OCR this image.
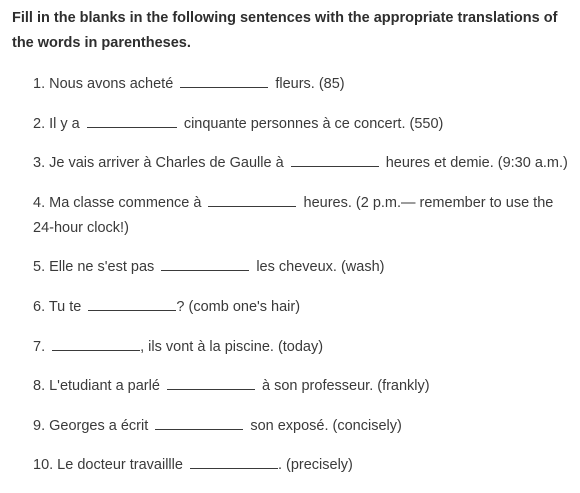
Fill in the blanks in the following sentences with the appropriate translations of the words in parentheses.

1. Nous avons acheté	fleurs. (85)
2. Il y a	cinquante personnes à ce concert. (550)
3. Je vais arriver à Charles de Gaulle à	heures et demie. (9:30 a.m.)
4. Ma classe commence à	heures. (2 p.m.— remember to use the 24-hour clock!)
5. Elle ne s'est pas	les cheveux. (wash)
6. Tu te	? (comb one's hair)
7.	, ils vont à la piscine. (today)
8. L'etudiant a parlé	à son professeur. (frankly)
9. Georges a écrit	son exposé. (concisely)
10. Le docteur travaillle	. (precisely)
